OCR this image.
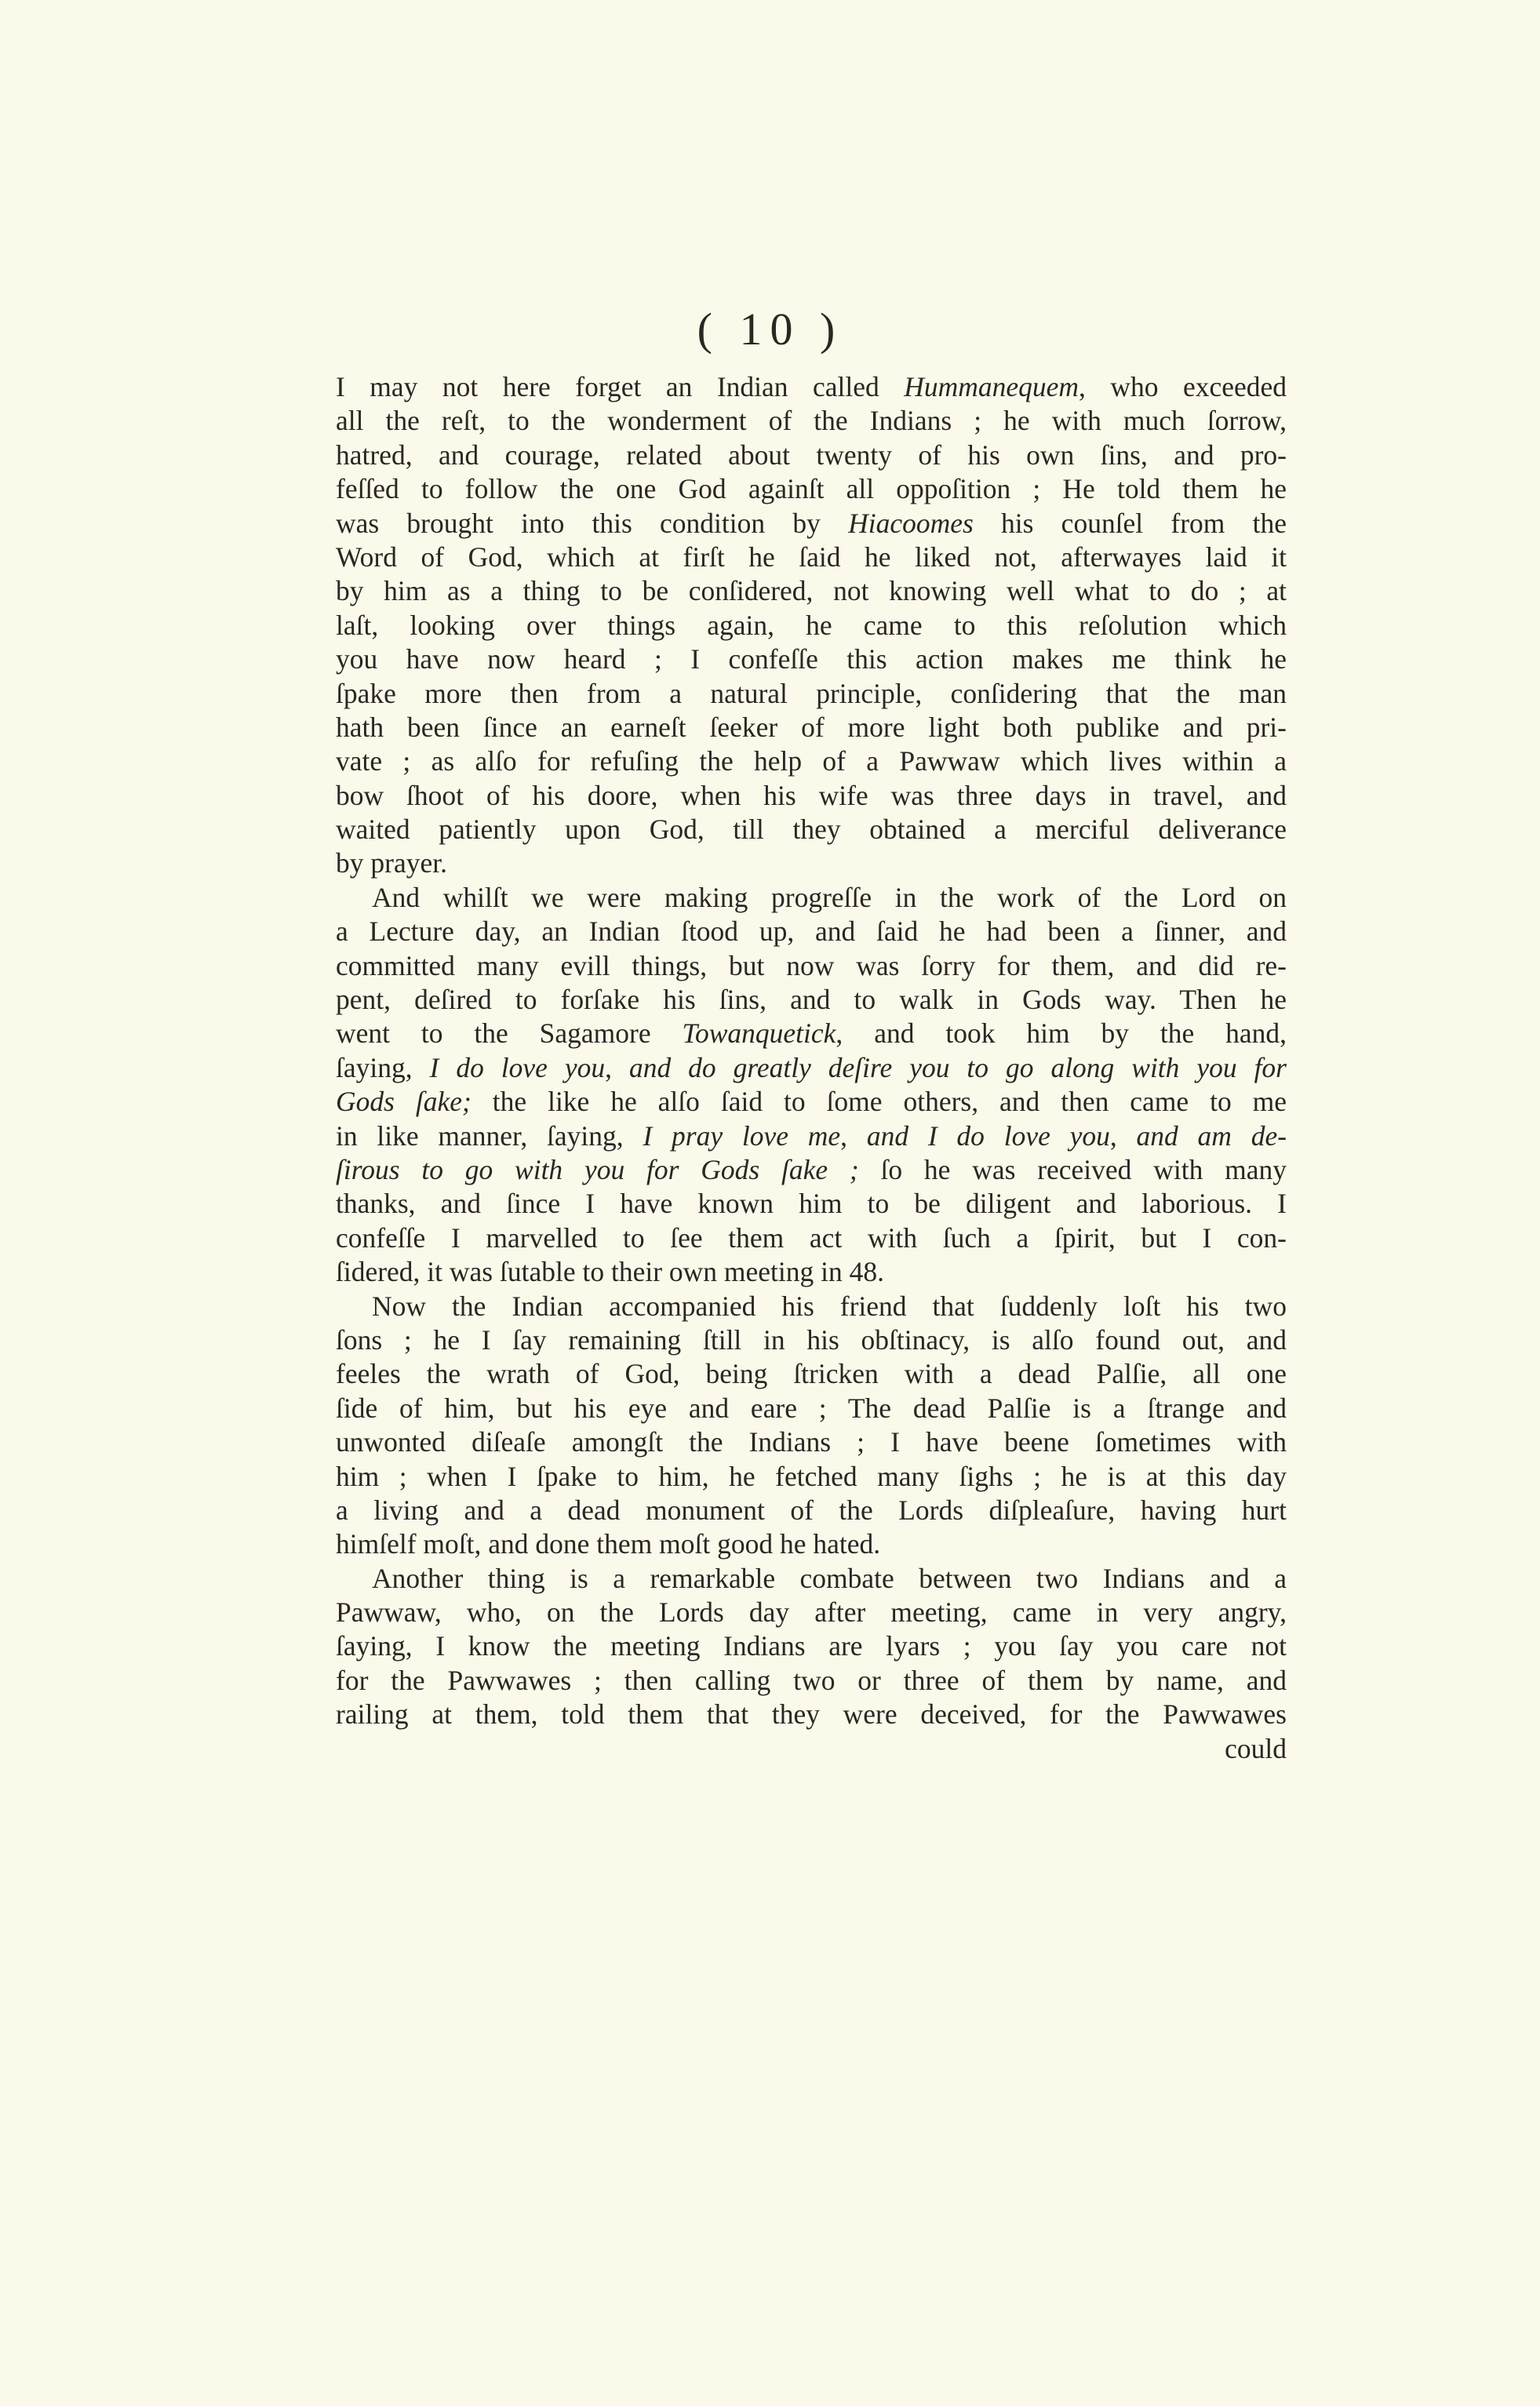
( 10 )
I may not here forget an Indian called Hummanequem, who exceeded
all the reſt, to the wonderment of the Indians ; he with much ſorrow,
hatred, and courage, related about twenty of his own ſins, and pro-
feſſed to follow the one God againſt all oppoſition ; He told them he
was brought into this condition by Hiacoomes his counſel from the
Word of God, which at firſt he ſaid he liked not, afterwayes laid it
by him as a thing to be conſidered, not knowing well what to do ; at
laſt, looking over things again, he came to this reſolution which
you have now heard ; I confeſſe this action makes me think he
ſpake more then from a natural principle, conſidering that the man
hath been ſince an earneſt ſeeker of more light both publike and pri-
vate ; as alſo for refuſing the help of a Pawwaw which lives within a
bow ſhoot of his doore, when his wife was three days in travel, and
waited patiently upon God, till they obtained a merciful deliverance
by prayer.
And whilſt we were making progreſſe in the work of the Lord on
a Lecture day, an Indian ſtood up, and ſaid he had been a ſinner, and
committed many evill things, but now was ſorry for them, and did re-
pent, deſired to forſake his ſins, and to walk in Gods way. Then he
went to the Sagamore Towanquetick, and took him by the hand,
ſaying, I do love you, and do greatly deſire you to go along with you for
Gods ſake; the like he alſo ſaid to ſome others, and then came to me
in like manner, ſaying, I pray love me, and I do love you, and am de-
ſirous to go with you for Gods ſake ; ſo he was received with many
thanks, and ſince I have known him to be diligent and laborious. I
confeſſe I marvelled to ſee them act with ſuch a ſpirit, but I con-
ſidered, it was ſutable to their own meeting in 48.
Now the Indian accompanied his friend that ſuddenly loſt his two
ſons ; he I ſay remaining ſtill in his obſtinacy, is alſo found out, and
feeles the wrath of God, being ſtricken with a dead Palſie, all one
ſide of him, but his eye and eare ; The dead Palſie is a ſtrange and
unwonted diſeaſe amongſt the Indians ; I have beene ſometimes with
him ; when I ſpake to him, he fetched many ſighs ; he is at this day
a living and a dead monument of the Lords diſpleaſure, having hurt
himſelf moſt, and done them moſt good he hated.
Another thing is a remarkable combate between two Indians and a
Pawwaw, who, on the Lords day after meeting, came in very angry,
ſaying, I know the meeting Indians are lyars ; you ſay you care not
for the Pawwawes ; then calling two or three of them by name, and
railing at them, told them that they were deceived, for the Pawwawes
could
